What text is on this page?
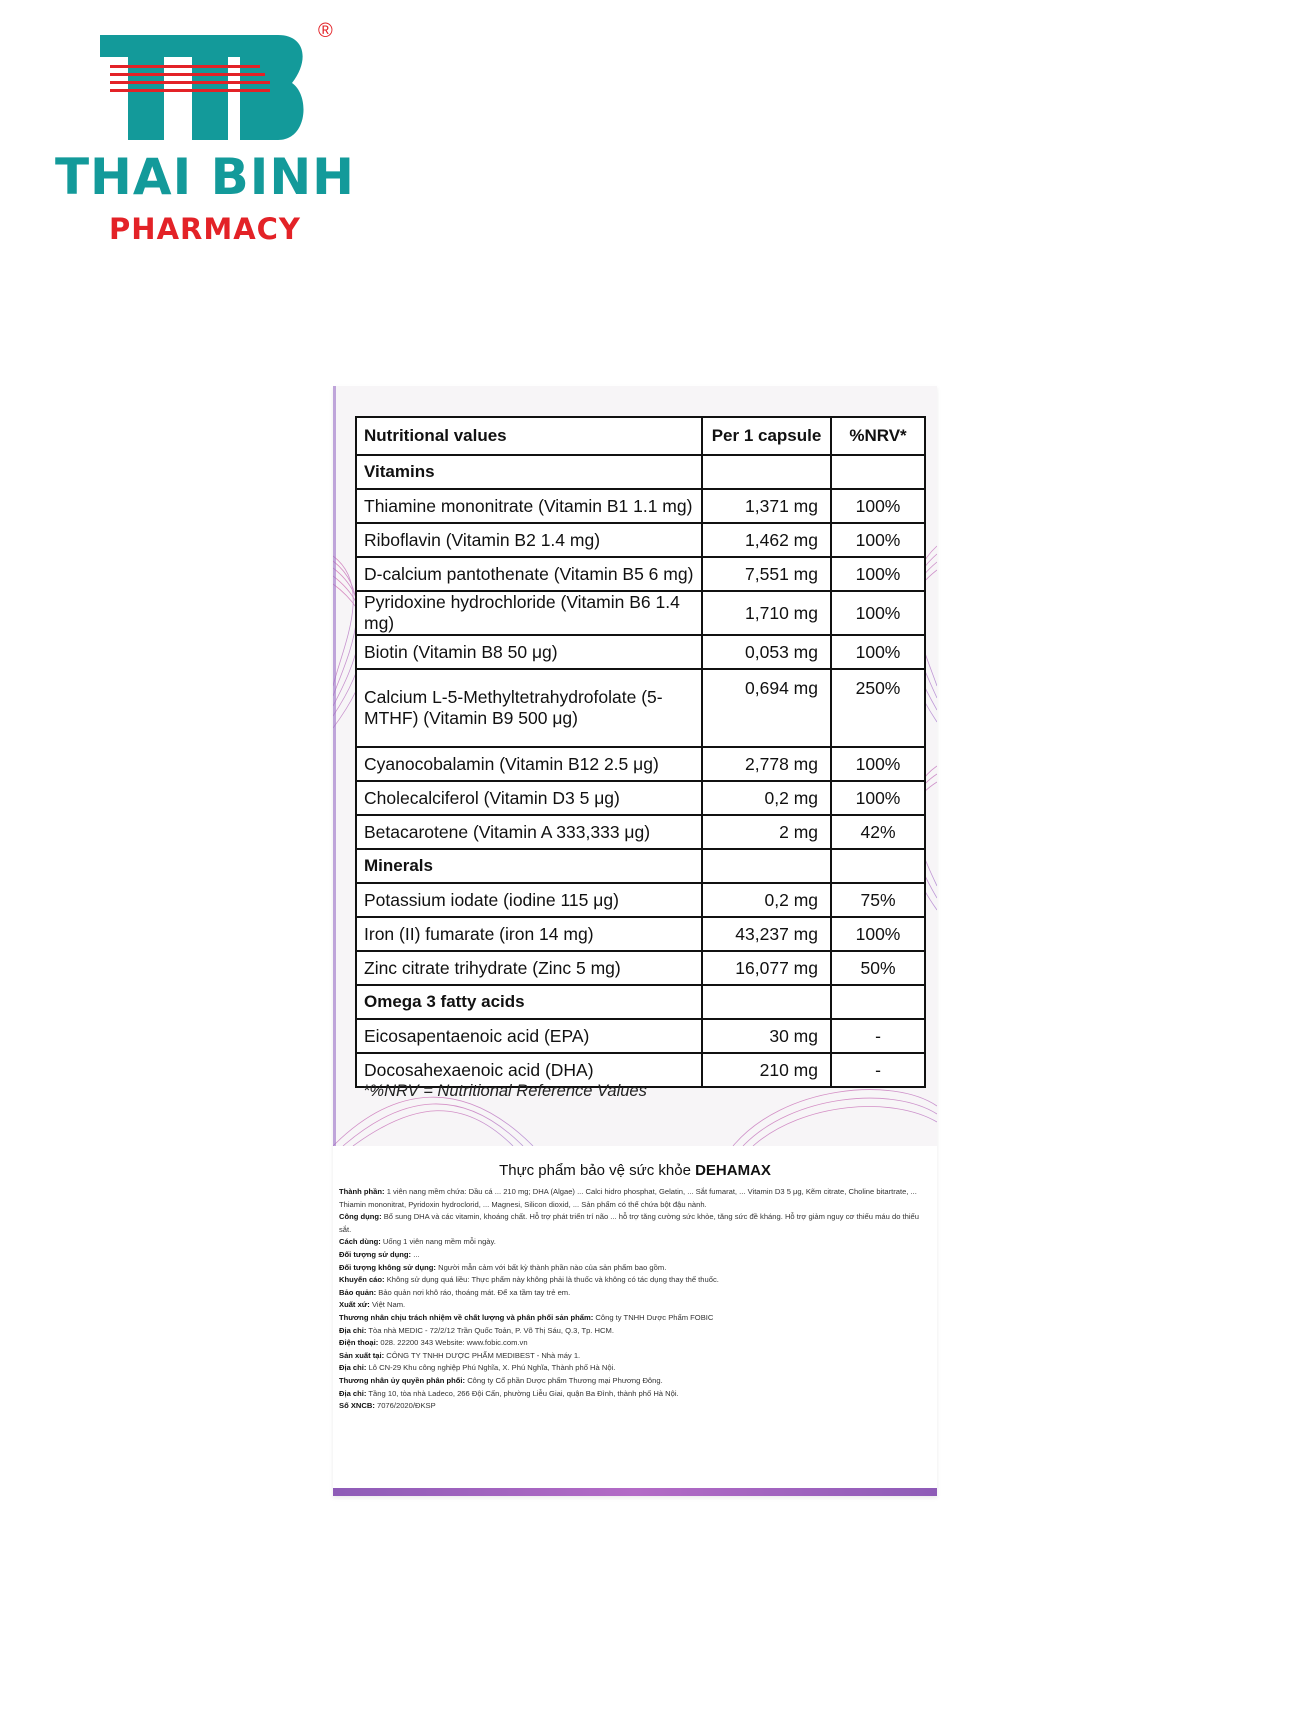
®
THAI BINH
PHARMACY
Nutritional values	Per 1 capsule	%NRV*
Vitamins		
Thiamine mononitrate (Vitamin B1 1.1 mg)	1,371 mg	100%
Riboflavin (Vitamin B2 1.4 mg)	1,462 mg	100%
D-calcium pantothenate (Vitamin B5 6 mg)	7,551 mg	100%
Pyridoxine hydrochloride (Vitamin B6 1.4 mg)	1,710 mg	100%
Biotin (Vitamin B8 50 μg)	0,053 mg	100%
Calcium L-5-Methyltetrahydrofolate (5-MTHF) (Vitamin B9 500 μg)	0,694 mg	250%
Cyanocobalamin (Vitamin B12 2.5 μg)	2,778 mg	100%
Cholecalciferol (Vitamin D3 5 μg)	0,2 mg	100%
Betacarotene (Vitamin A 333,333 μg)	2 mg	42%
Minerals		
Potassium iodate (iodine 115 μg)	0,2 mg	75%
Iron (II) fumarate (iron 14 mg)	43,237 mg	100%
Zinc citrate trihydrate (Zinc 5 mg)	16,077 mg	50%
Omega 3 fatty acids		
Eicosapentaenoic acid (EPA)	30 mg	-
Docosahexaenoic acid (DHA)	210 mg	-
*%NRV = Nutritional Reference Values
Thực phẩm bảo vệ sức khỏe DEHAMAX
Thành phần: 1 viên nang mềm chứa: Dầu cá ... 210 mg; DHA (Algae) ... Calci hidro phosphat, Gelatin, ... Sắt fumarat, ... Vitamin D3 5 μg, Kẽm citrate, Choline bitartrate, ... Thiamin mononitrat, Pyridoxin hydroclorid, ... Magnesi, Silicon dioxid, ... Sản phẩm có thể chứa bột đậu nành.
Công dụng: Bổ sung DHA và các vitamin, khoáng chất. Hỗ trợ phát triển trí não ... hỗ trợ tăng cường sức khỏe, tăng sức đề kháng. Hỗ trợ giảm nguy cơ thiếu máu do thiếu sắt.
Cách dùng: Uống 1 viên nang mềm mỗi ngày.
Đối tượng sử dụng: ...
Đối tượng không sử dụng: Người mẫn cảm với bất kỳ thành phần nào của sản phẩm bao gồm.
Khuyến cáo: Không sử dụng quá liều: Thực phẩm này không phải là thuốc và không có tác dụng thay thế thuốc.
Bảo quản: Bảo quản nơi khô ráo, thoáng mát. Để xa tầm tay trẻ em.
Xuất xứ: Việt Nam.
Thương nhân chịu trách nhiệm về chất lượng và phân phối sản phẩm: Công ty TNHH Dược Phẩm FOBIC
Địa chỉ: Tòa nhà MEDIC - 72/2/12 Trần Quốc Toản, P. Võ Thị Sáu, Q.3, Tp. HCM.
Điện thoại: 028. 22200 343 Website: www.fobic.com.vn
Sản xuất tại: CÔNG TY TNHH DƯỢC PHẨM MEDIBEST - Nhà máy 1.
Địa chỉ: Lô CN-29 Khu công nghiệp Phú Nghĩa, X. Phú Nghĩa, Thành phố Hà Nội.
Thương nhân ủy quyền phân phối: Công ty Cổ phần Dược phẩm Thương mại Phương Đông.
Địa chỉ: Tầng 10, tòa nhà Ladeco, 266 Đội Cấn, phường Liễu Giai, quận Ba Đình, thành phố Hà Nội.
Số XNCB: 7076/2020/ĐKSP
